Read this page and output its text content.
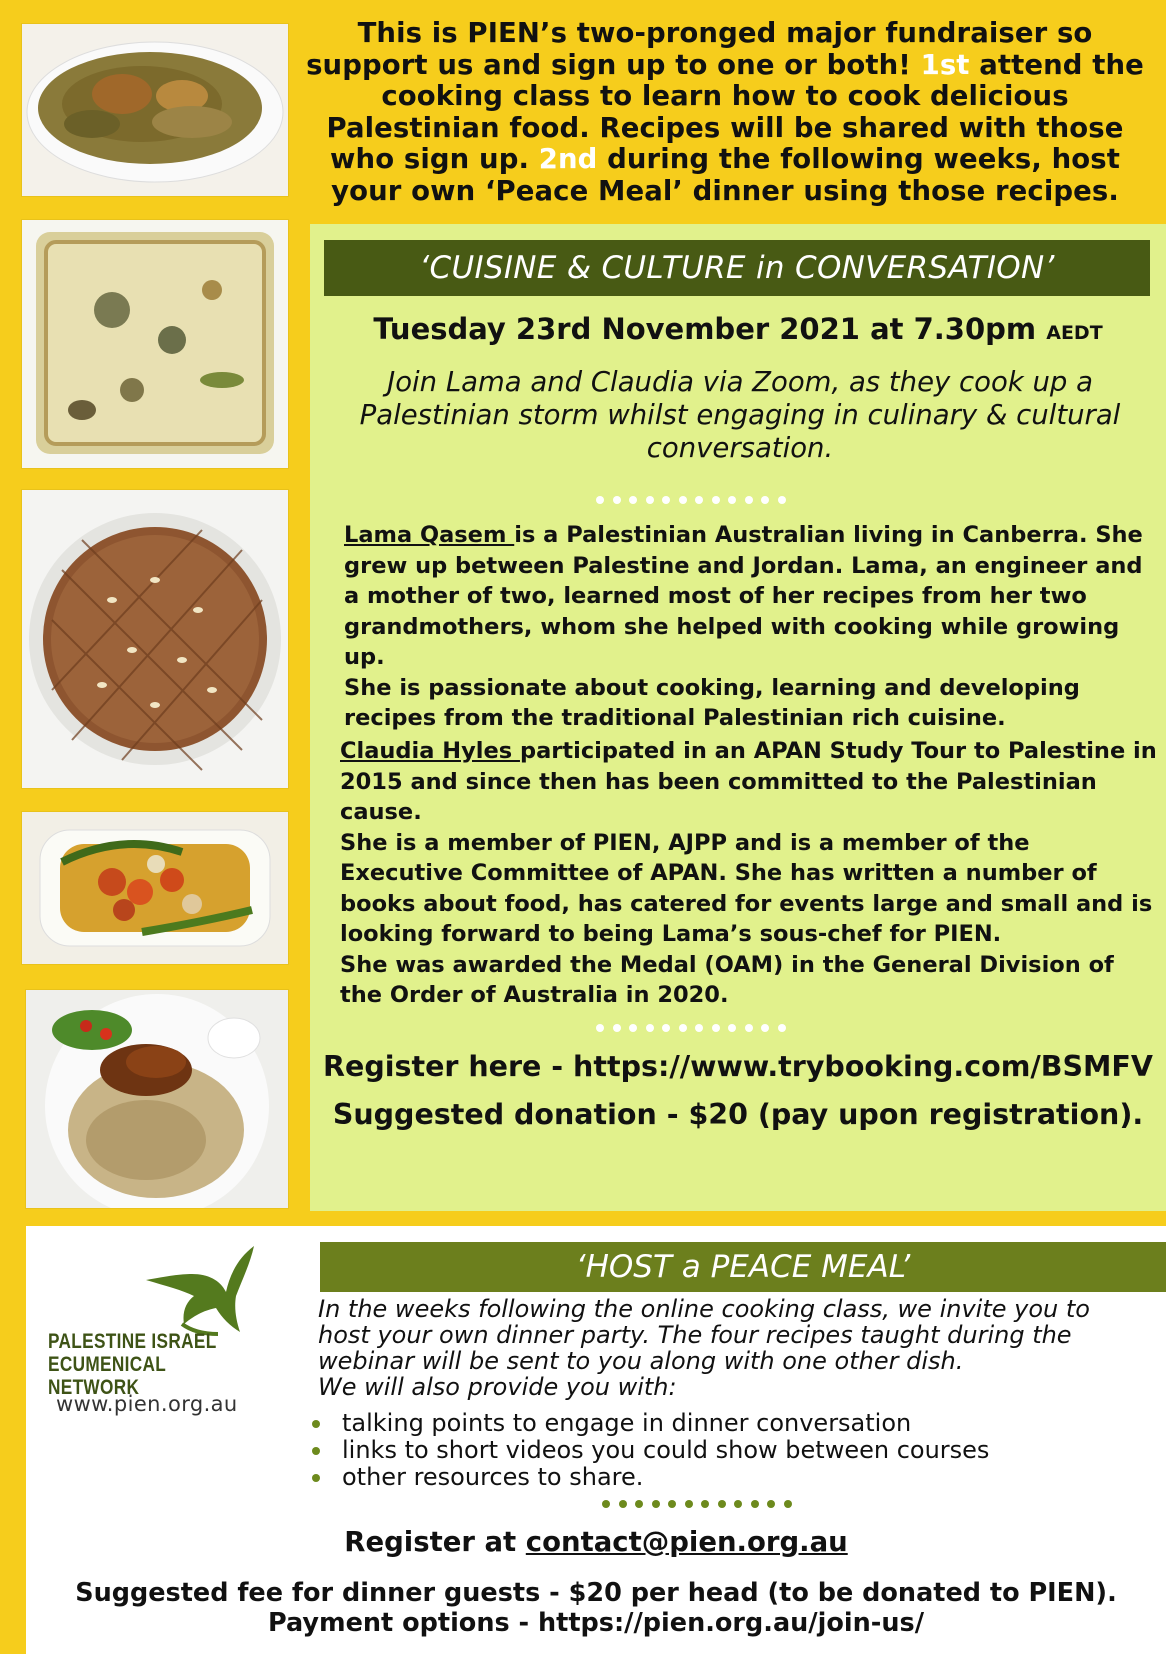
This is PIEN’s two-pronged major fundraiser so support us and sign up to one or both! 1st attend the cooking class to learn how to cook delicious Palestinian food. Recipes will be shared with those who sign up. 2nd during the following weeks, host your own ‘Peace Meal’ dinner using those recipes.
‘CUISINE & CULTURE in CONVERSATION’
Tuesday 23rd November 2021 at 7.30pm AEDT
Join Lama and Claudia via Zoom, as they cook up a Palestinian storm whilst engaging in culinary & cultural conversation.
Lama Qasem is a Palestinian Australian living in Canberra. She grew up between Palestine and Jordan. Lama, an engineer and a mother of two, learned most of her recipes from her two grandmothers, whom she helped with cooking while growing up.
She is passionate about cooking, learning and developing recipes from the traditional Palestinian rich cuisine.
Claudia Hyles participated in an APAN Study Tour to Palestine in 2015 and since then has been committed to the Palestinian cause.
She is a member of PIEN, AJPP and is a member of the Executive Committee of APAN. She has written a number of books about food, has catered for events large and small and is looking forward to being Lama’s sous-chef for PIEN.
She was awarded the Medal (OAM) in the General Division of the Order of Australia in 2020.
Register here - https://www.trybooking.com/BSMFV
Suggested donation - $20 (pay upon registration).
PALESTINE ISRAEL
ECUMENICAL NETWORK
www.pien.org.au
‘HOST a PEACE MEAL’
In the weeks following the online cooking class, we invite you to host your own dinner party. The four recipes taught during the webinar will be sent to you along with one other dish.
We will also provide you with:
talking points to engage in dinner conversation
links to short videos you could show between courses
other resources to share.
Register at contact@pien.org.au
Suggested fee for dinner guests - $20 per head (to be donated to PIEN).
Payment options - https://pien.org.au/join-us/
